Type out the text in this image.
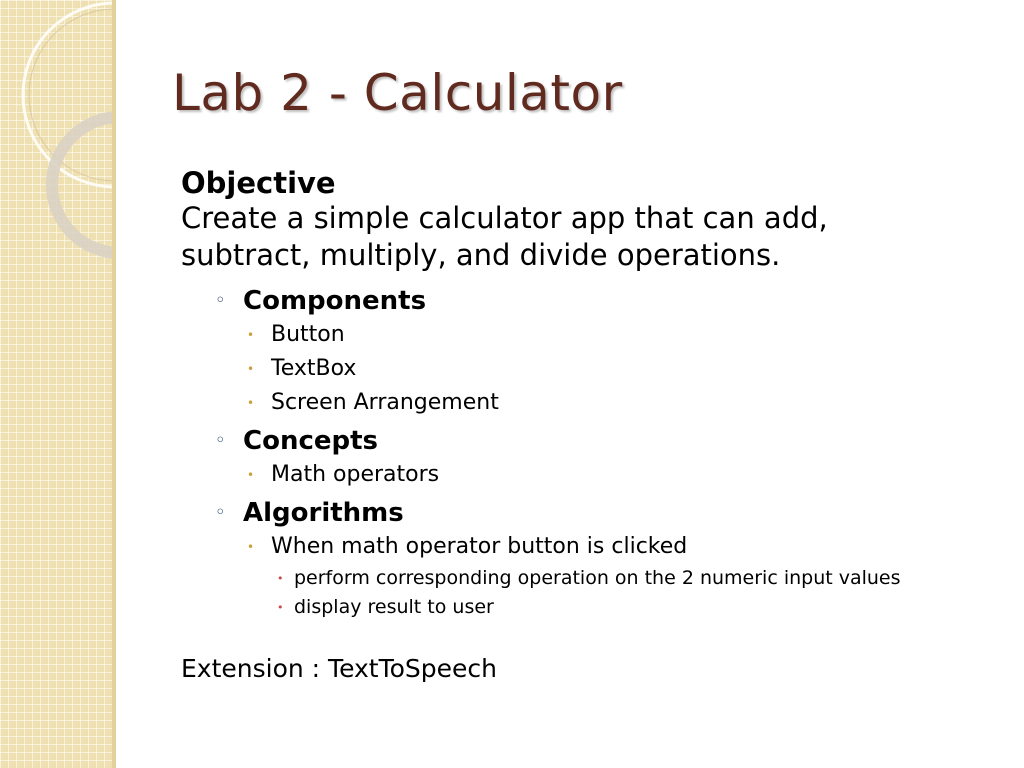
Lab 2 - Calculator
Objective
Create a simple calculator app that can add,
subtract, multiply, and divide operations.
◦ Components
• Button
• TextBox
• Screen Arrangement
◦ Concepts
• Math operators
◦ Algorithms
• When math operator button is clicked
• perform corresponding operation on the 2 numeric input values
• display result to user
Extension : TextToSpeech
